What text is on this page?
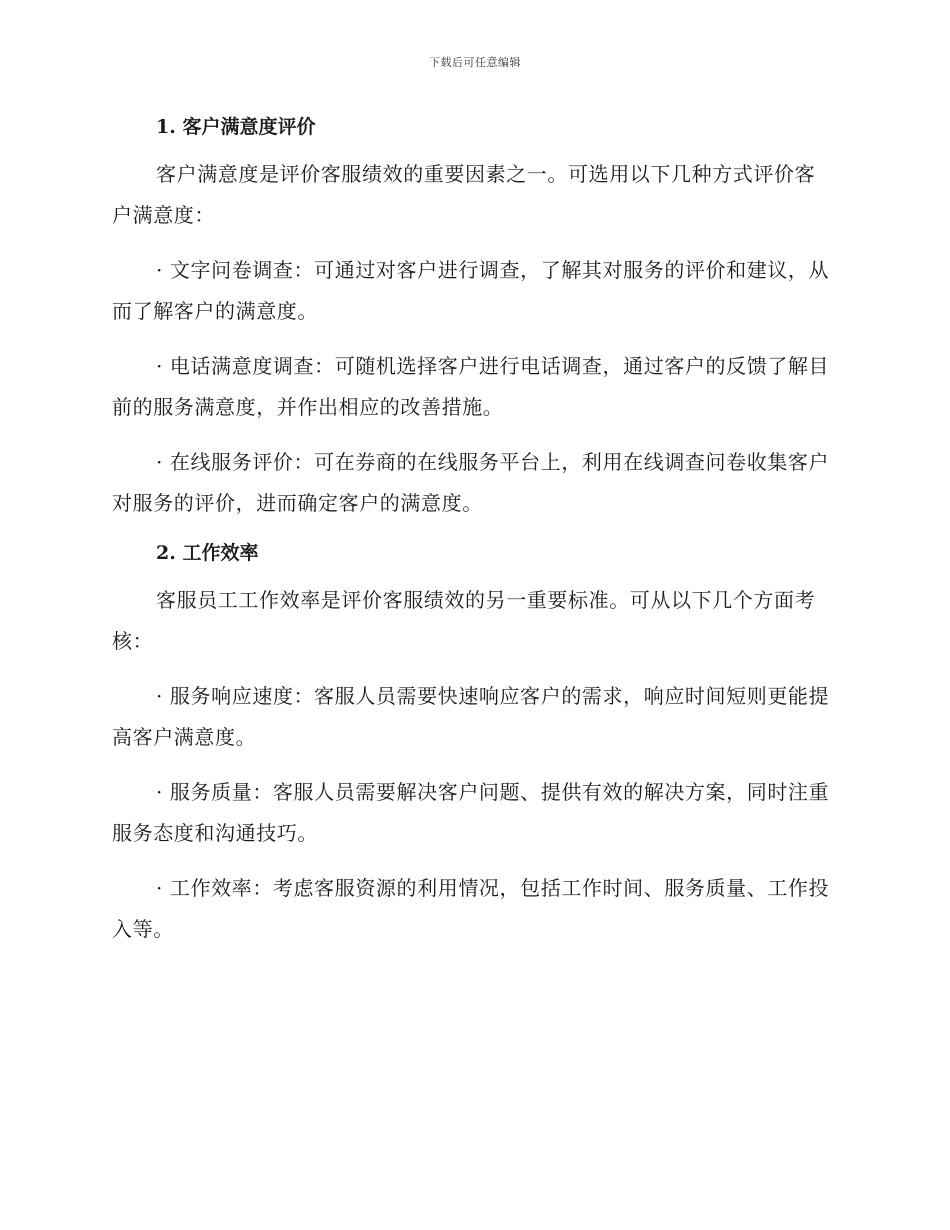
下载后可任意编辑
1. 客户满意度评价

客户满意度是评价客服绩效的重要因素之一。可选用以下几种方式评价客户满意度：

· 文字问卷调查：可通过对客户进行调查，了解其对服务的评价和建议，从而了解客户的满意度。

· 电话满意度调查：可随机选择客户进行电话调查，通过客户的反馈了解目前的服务满意度，并作出相应的改善措施。

· 在线服务评价：可在券商的在线服务平台上，利用在线调查问卷收集客户对服务的评价，进而确定客户的满意度。

2. 工作效率

客服员工工作效率是评价客服绩效的另一重要标准。可从以下几个方面考核：

· 服务响应速度：客服人员需要快速响应客户的需求，响应时间短则更能提高客户满意度。

· 服务质量：客服人员需要解决客户问题、提供有效的解决方案，同时注重服务态度和沟通技巧。

· 工作效率：考虑客服资源的利用情况，包括工作时间、服务质量、工作投入等。
